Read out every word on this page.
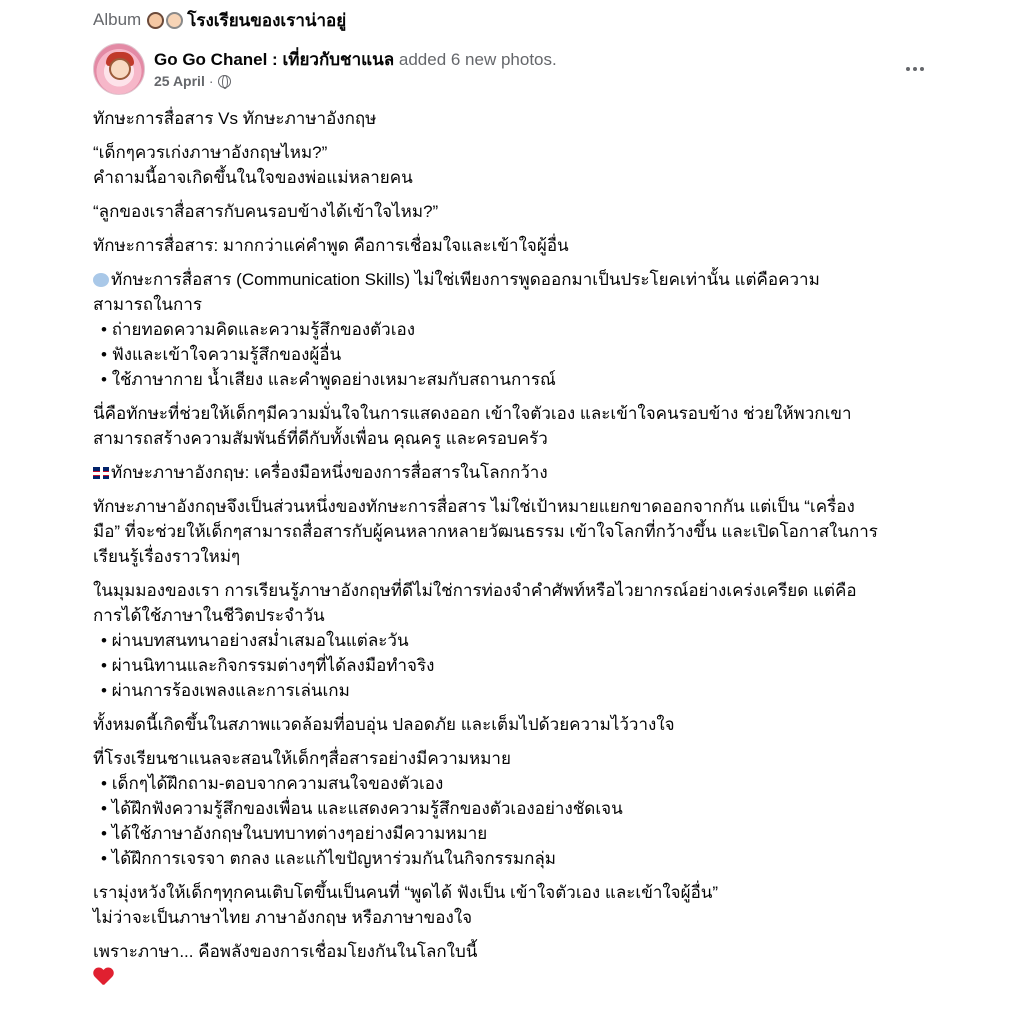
Album	โรงเรียนของเราน่าอยู่
Go Go Chanel : เที่ยวกับชาแนล added 6 new photos.
25 April ·
ทักษะการสื่อสาร Vs ทักษะภาษาอังกฤษ
“เด็กๆควรเก่งภาษาอังกฤษไหม?”
คำถามนี้อาจเกิดขึ้นในใจของพ่อแม่หลายคน
“ลูกของเราสื่อสารกับคนรอบข้างได้เข้าใจไหม?”
ทักษะการสื่อสาร: มากกว่าแค่คำพูด คือการเชื่อมใจและเข้าใจผู้อื่น
ทักษะการสื่อสาร (Communication Skills) ไม่ใช่เพียงการพูดออกมาเป็นประโยคเท่านั้น แต่คือความ
สามารถในการ
• ถ่ายทอดความคิดและความรู้สึกของตัวเอง
• ฟังและเข้าใจความรู้สึกของผู้อื่น
• ใช้ภาษากาย น้ำเสียง และคำพูดอย่างเหมาะสมกับสถานการณ์
นี่คือทักษะที่ช่วยให้เด็กๆมีความมั่นใจในการแสดงออก เข้าใจตัวเอง และเข้าใจคนรอบข้าง ช่วยให้พวกเขา
สามารถสร้างความสัมพันธ์ที่ดีกับทั้งเพื่อน คุณครู และครอบครัว
ทักษะภาษาอังกฤษ: เครื่องมือหนึ่งของการสื่อสารในโลกกว้าง
ทักษะภาษาอังกฤษจึงเป็นส่วนหนึ่งของทักษะการสื่อสาร ไม่ใช่เป้าหมายแยกขาดออกจากกัน แต่เป็น “เครื่อง
มือ” ที่จะช่วยให้เด็กๆสามารถสื่อสารกับผู้คนหลากหลายวัฒนธรรม เข้าใจโลกที่กว้างขึ้น และเปิดโอกาสในการ
เรียนรู้เรื่องราวใหม่ๆ
ในมุมมองของเรา การเรียนรู้ภาษาอังกฤษที่ดีไม่ใช่การท่องจำคำศัพท์หรือไวยากรณ์อย่างเคร่งเครียด แต่คือ
การได้ใช้ภาษาในชีวิตประจำวัน
• ผ่านบทสนทนาอย่างสม่ำเสมอในแต่ละวัน
• ผ่านนิทานและกิจกรรมต่างๆที่ได้ลงมือทำจริง
• ผ่านการร้องเพลงและการเล่นเกม
ทั้งหมดนี้เกิดขึ้นในสภาพแวดล้อมที่อบอุ่น ปลอดภัย และเต็มไปด้วยความไว้วางใจ
ที่โรงเรียนชาแนลจะสอนให้เด็กๆสื่อสารอย่างมีความหมาย
• เด็กๆได้ฝึกถาม-ตอบจากความสนใจของตัวเอง
• ได้ฝึกฟังความรู้สึกของเพื่อน และแสดงความรู้สึกของตัวเองอย่างชัดเจน
• ได้ใช้ภาษาอังกฤษในบทบาทต่างๆอย่างมีความหมาย
• ได้ฝึกการเจรจา ตกลง และแก้ไขปัญหาร่วมกันในกิจกรรมกลุ่ม
เรามุ่งหวังให้เด็กๆทุกคนเติบโตขึ้นเป็นคนที่ “พูดได้ ฟังเป็น เข้าใจตัวเอง และเข้าใจผู้อื่น”
ไม่ว่าจะเป็นภาษาไทย ภาษาอังกฤษ หรือภาษาของใจ
เพราะภาษา... คือพลังของการเชื่อมโยงกันในโลกใบนี้
